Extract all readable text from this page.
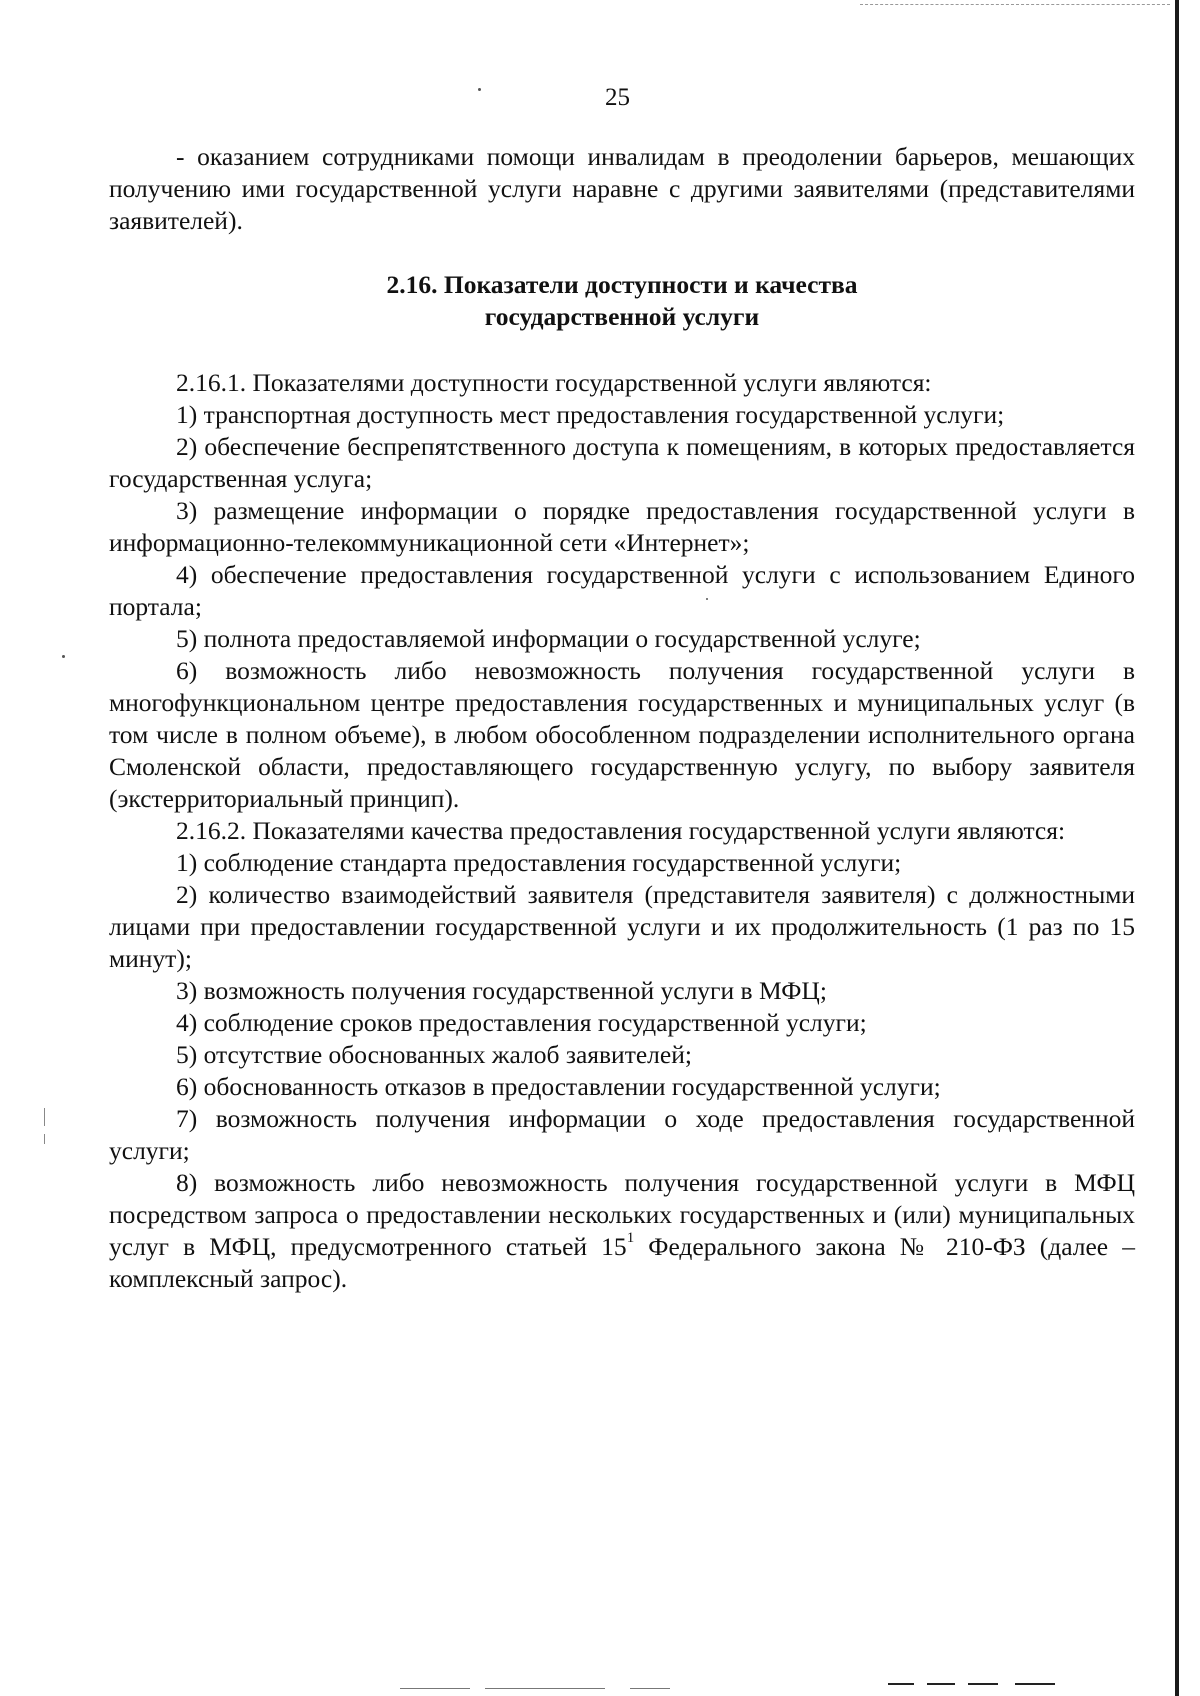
25

- оказанием сотрудниками помощи инвалидам в преодолении барьеров, мешающих получению ими государственной услуги наравне с другими заявителями (представителями заявителей).

2.16. Показатели доступности и качества
государственной услуги

2.16.1. Показателями доступности государственной услуги являются:

1) транспортная доступность мест предоставления государственной услуги;

2) обеспечение беспрепятственного доступа к помещениям, в которых предоставляется государственная услуга;

3) размещение информации о порядке предоставления государственной услуги в информационно-телекоммуникационной сети «Интернет»;

4) обеспечение предоставления государственной услуги с использованием Единого портала;

5) полнота предоставляемой информации о государственной услуге;

6) возможность либо невозможность получения государственной услуги в многофункциональном центре предоставления государственных и муниципальных услуг (в том числе в полном объеме), в любом обособленном подразделении исполнительного органа Смоленской области, предоставляющего государственную услугу, по выбору заявителя (экстерриториальный принцип).

2.16.2. Показателями качества предоставления государственной услуги являются:

1) соблюдение стандарта предоставления государственной услуги;

2) количество взаимодействий заявителя (представителя заявителя) с должностными лицами при предоставлении государственной услуги и их продолжительность (1 раз по 15 минут);

3) возможность получения государственной услуги в МФЦ;

4) соблюдение сроков предоставления государственной услуги;

5) отсутствие обоснованных жалоб заявителей;

6) обоснованность отказов в предоставлении государственной услуги;

7) возможность получения информации о ходе предоставления государственной услуги;

8) возможность либо невозможность получения государственной услуги в МФЦ посредством запроса о предоставлении нескольких государственных и (или) муниципальных услуг в МФЦ, предусмотренного статьей $15^1$ Федерального закона № 210-ФЗ (далее – комплексный запрос).
